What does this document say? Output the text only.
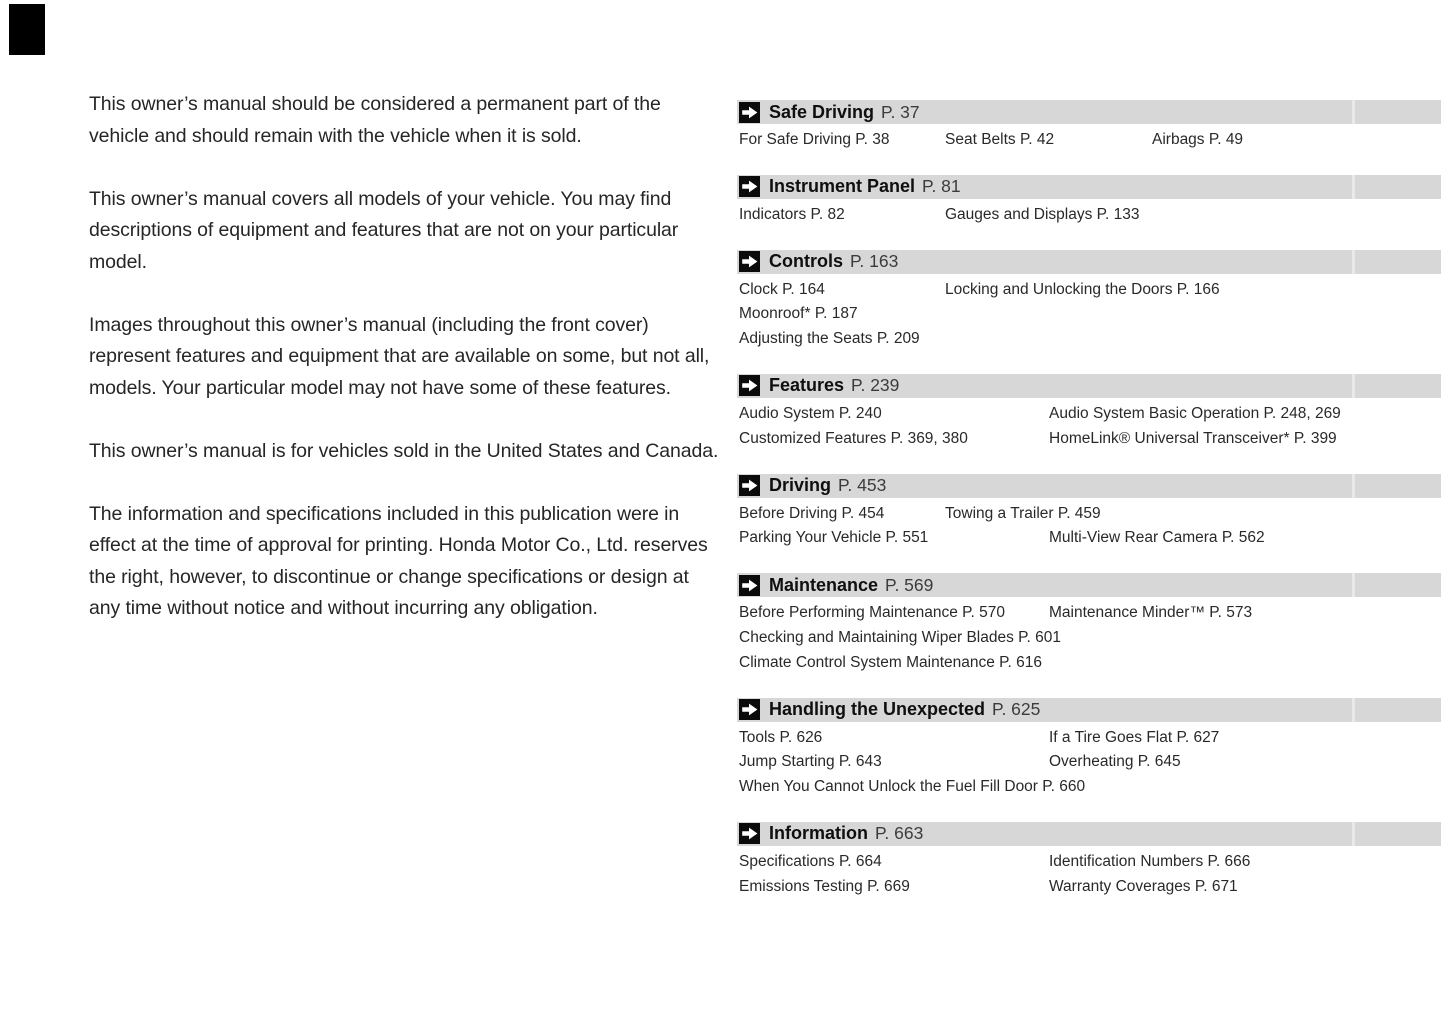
This owner’s manual should be considered a permanent part of the vehicle and should remain with the vehicle when it is sold.

This owner’s manual covers all models of your vehicle. You may find descriptions of equipment and features that are not on your particular model.

Images throughout this owner’s manual (including the front cover) represent features and equipment that are available on some, but not all, models. Your particular model may not have some of these features.

This owner’s manual is for vehicles sold in the United States and Canada.

The information and specifications included in this publication were in effect at the time of approval for printing. Honda Motor Co., Ltd. reserves the right, however, to discontinue or change specifications or design at any time without notice and without incurring any obligation.

Safe Driving P. 37
For Safe Driving P. 38	Seat Belts P. 42	Airbags P. 49
Instrument Panel P. 81
Indicators P. 82	Gauges and Displays P. 133
Controls P. 163
Clock P. 164	Locking and Unlocking the Doors P. 166
Moonroof* P. 187
Adjusting the Seats P. 209
Features P. 239
Audio System P. 240	Audio System Basic Operation P. 248, 269
Customized Features P. 369, 380	HomeLink® Universal Transceiver* P. 399
Driving P. 453
Before Driving P. 454	Towing a Trailer P. 459
Parking Your Vehicle P. 551	Multi-View Rear Camera P. 562
Maintenance P. 569
Before Performing Maintenance P. 570	Maintenance Minder™ P. 573
Checking and Maintaining Wiper Blades P. 601
Climate Control System Maintenance P. 616
Handling the Unexpected P. 625
Tools P. 626	If a Tire Goes Flat P. 627
Jump Starting P. 643	Overheating P. 645
When You Cannot Unlock the Fuel Fill Door P. 660
Information P. 663
Specifications P. 664	Identification Numbers P. 666
Emissions Testing P. 669	Warranty Coverages P. 671
